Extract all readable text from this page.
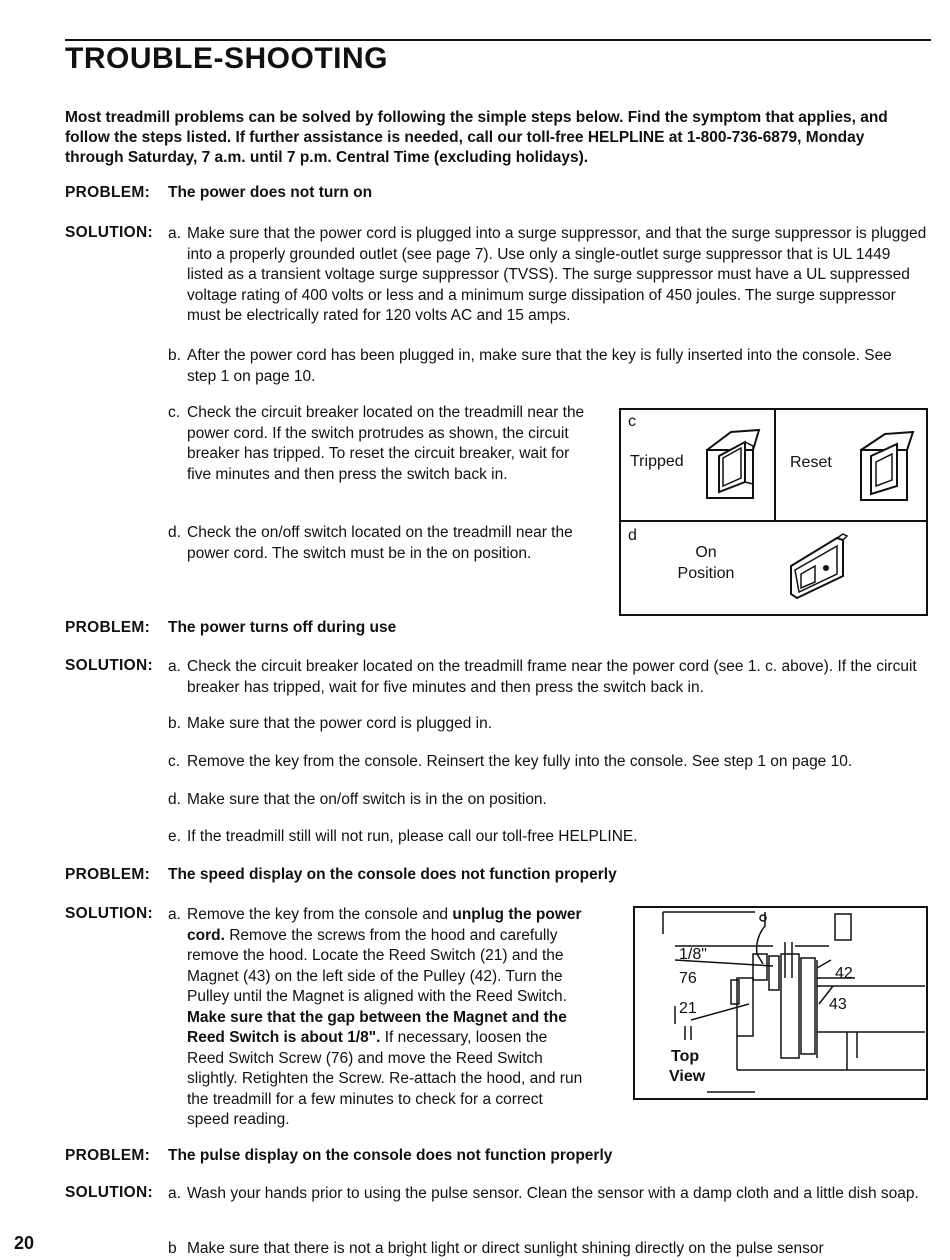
TROUBLE-SHOOTING
Most treadmill problems can be solved by following the simple steps below. Find the symptom that applies, and follow the steps listed. If further assistance is needed, call our toll-free HELPLINE at 1-800-736-6879, Monday through Saturday, 7 a.m. until 7 p.m. Central Time (excluding holidays).
PROBLEM: The power does not turn on
SOLUTION: a. Make sure that the power cord is plugged into a surge suppressor, and that the surge suppressor is plugged into a properly grounded outlet (see page 7). Use only a single-outlet surge suppressor that is UL 1449 listed as a transient voltage surge suppressor (TVSS). The surge suppressor must have a UL suppressed voltage rating of 400 volts or less and a minimum surge dissipation of 450 joules. The surge suppressor must be electrically rated for 120 volts AC and 15 amps.
b. After the power cord has been plugged in, make sure that the key is fully inserted into the console. See step 1 on page 10.
c. Check the circuit breaker located on the treadmill near the power cord. If the switch protrudes as shown, the circuit breaker has tripped. To reset the circuit breaker, wait for five minutes and then press the switch back in.
d. Check the on/off switch located on the treadmill near the power cord. The switch must be in the on position.
c
Tripped	Reset
d
On
Position
PROBLEM: The power turns off during use
SOLUTION: a. Check the circuit breaker located on the treadmill frame near the power cord (see 1. c. above). If the circuit breaker has tripped, wait for five minutes and then press the switch back in.
b. Make sure that the power cord is plugged in.
c. Remove the key from the console. Reinsert the key fully into the console. See step 1 on page 10.
d. Make sure that the on/off switch is in the on position.
e. If the treadmill still will not run, please call our toll-free HELPLINE.
PROBLEM: The speed display on the console does not function properly
SOLUTION: a. Remove the key from the console and unplug the power cord. Remove the screws from the hood and carefully remove the hood. Locate the Reed Switch (21) and the Magnet (43) on the left side of the Pulley (42). Turn the Pulley until the Magnet is aligned with the Reed Switch. Make sure that the gap between the Magnet and the Reed Switch is about 1/8". If necessary, loosen the Reed Switch Screw (76) and move the Reed Switch slightly. Retighten the Screw. Re-attach the hood, and run the treadmill for a few minutes to check for a correct speed reading.
1/8"
76
21
42
43
Top
View
PROBLEM: The pulse display on the console does not function properly
SOLUTION: a. Wash your hands prior to using the pulse sensor. Clean the sensor with a damp cloth and a little dish soap.
b Make sure that there is not a bright light or direct sunlight shining directly on the pulse sensor
20
